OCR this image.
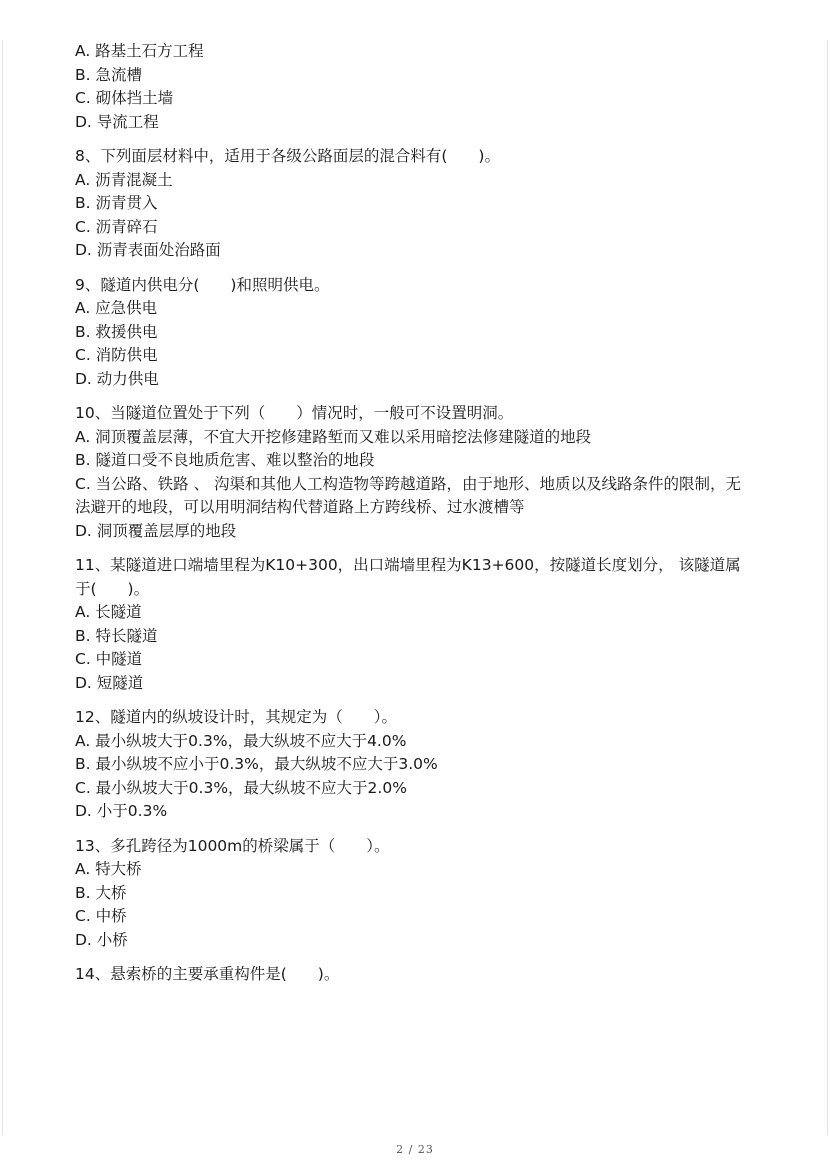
A. 路基土石方工程
B. 急流槽
C. 砌体挡土墙
D. 导流工程
8、下列面层材料中，适用于各级公路面层的混合料有(　　)。
A. 沥青混凝土
B. 沥青贯入
C. 沥青碎石
D. 沥青表面处治路面
9、隧道内供电分(　　)和照明供电。
A. 应急供电
B. 救援供电
C. 消防供电
D. 动力供电
10、当隧道位置处于下列（　　）情况时，一般可不设置明洞。
A. 洞顶覆盖层薄，不宜大开挖修建路堑而又难以采用暗挖法修建隧道的地段
B. 隧道口受不良地质危害、难以整治的地段
C. 当公路、铁路 、 沟渠和其他人工构造物等跨越道路，由于地形、地质以及线路条件的限制，无法避开的地段，可以用明洞结构代替道路上方跨线桥、过水渡槽等
D. 洞顶覆盖层厚的地段
11、某隧道进口端墙里程为K10+300，出口端墙里程为K13+600，按隧道长度划分， 该隧道属于(　　)。
A. 长隧道
B. 特长隧道
C. 中隧道
D. 短隧道
12、隧道内的纵坡设计时，其规定为（　　）。
A. 最小纵坡大于0.3%，最大纵坡不应大于4.0%
B. 最小纵坡不应小于0.3%，最大纵坡不应大于3.0%
C. 最小纵坡大于0.3%，最大纵坡不应大于2.0%
D. 小于0.3%
13、多孔跨径为1000m的桥梁属于（　　）。
A. 特大桥
B. 大桥
C. 中桥
D. 小桥
14、悬索桥的主要承重构件是(　　)。
2 / 23
